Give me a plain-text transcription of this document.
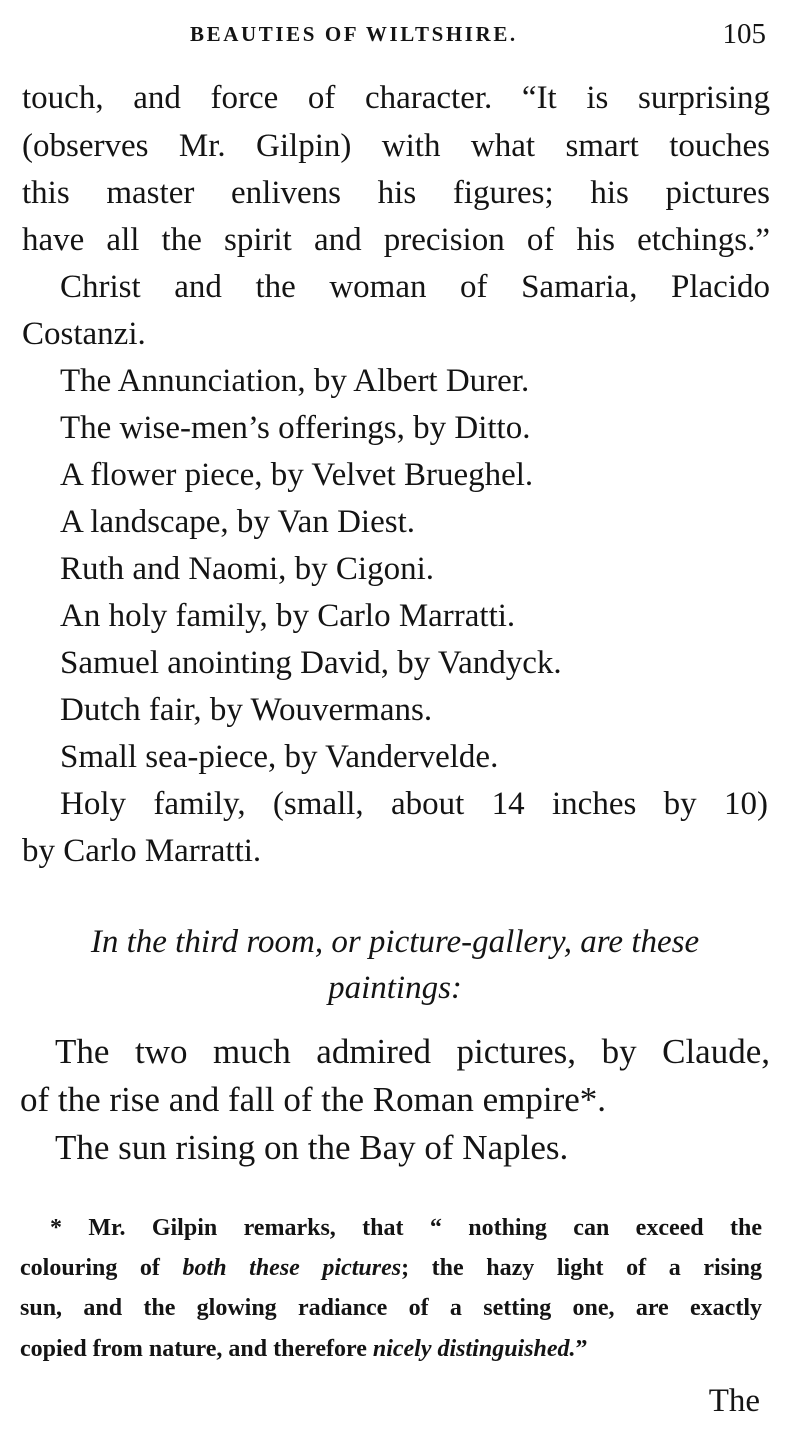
BEAUTIES OF WILTSHIRE.	105
touch, and force of character. “It is surprising
(observes Mr. Gilpin) with what smart touches
this master enlivens his figures; his pictures
have all the spirit and precision of his etchings.”
Christ and the woman of Samaria, Placido
Costanzi.
The Annunciation, by Albert Durer.
The wise-men’s offerings, by Ditto.
A flower piece, by Velvet Brueghel.
A landscape, by Van Diest.
Ruth and Naomi, by Cigoni.
An holy family, by Carlo Marratti.
Samuel anointing David, by Vandyck.
Dutch fair, by Wouvermans.
Small sea-piece, by Vandervelde.
Holy family, (small, about 14 inches by 10)
by Carlo Marratti.
In the third room, or picture-gallery, are these
paintings:
The two much admired pictures, by Claude,
of the rise and fall of the Roman empire*.
The sun rising on the Bay of Naples.
* Mr. Gilpin remarks, that “ nothing can exceed the
colouring of both these pictures; the hazy light of a rising
sun, and the glowing radiance of a setting one, are exactly
copied from nature, and therefore nicely distinguished.”
The
